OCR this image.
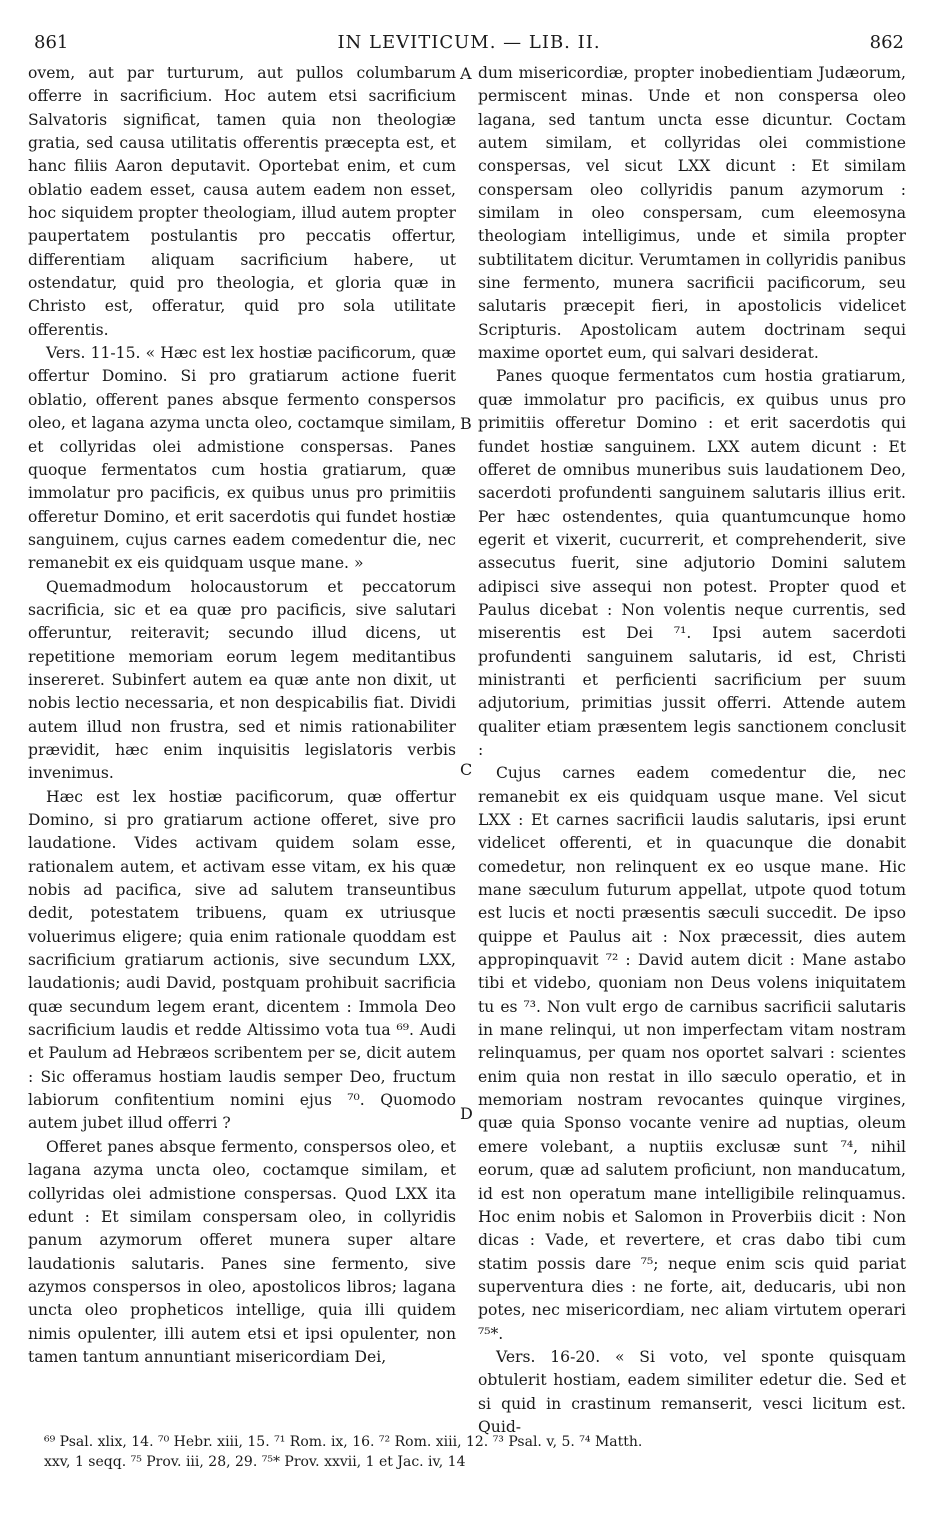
861	IN LEVITICUM. — LIB. II.	862

ovem, aut par turturum, aut pullos columbarum offerre in sacrificium. Hoc autem etsi sacrificium Salvatoris significat, tamen quia non theologiæ gratia, sed causa utilitatis offerentis præcepta est, et hanc filiis Aaron deputavit. Oportebat enim, et cum oblatio eadem esset, causa autem eadem non esset, hoc siquidem propter theologiam, illud autem propter paupertatem postulantis pro peccatis offertur, differentiam aliquam sacrificium habere, ut ostendatur, quid pro theologia, et gloria quæ in Christo est, offeratur, quid pro sola utilitate offerentis.

Vers. 11-15. « Hæc est lex hostiæ pacificorum, quæ offertur Domino. Si pro gratiarum actione fuerit oblatio, offerent panes absque fermento conspersos oleo, et lagana azyma uncta oleo, coctamque similam, et collyridas olei admistione conspersas. Panes quoque fermentatos cum hostia gratiarum, quæ immolatur pro pacificis, ex quibus unus pro primitiis offeretur Domino, et erit sacerdotis qui fundet hostiæ sanguinem, cujus carnes eadem comedentur die, nec remanebit ex eis quidquam usque mane. »

Quemadmodum holocaustorum et peccatorum sacrificia, sic et ea quæ pro pacificis, sive salutari offeruntur, reiteravit; secundo illud dicens, ut repetitione memoriam eorum legem meditantibus insereret. Subinfert autem ea quæ ante non dixit, ut nobis lectio necessaria, et non despicabilis fiat. Dividi autem illud non frustra, sed et nimis rationabiliter prævidit, hæc enim inquisitis legislatoris verbis invenimus.

Hæc est lex hostiæ pacificorum, quæ offertur Domino, si pro gratiarum actione offeret, sive pro laudatione. Vides activam quidem solam esse, rationalem autem, et activam esse vitam, ex his quæ nobis ad pacifica, sive ad salutem transeuntibus dedit, potestatem tribuens, quam ex utriusque voluerimus eligere; quia enim rationale quoddam est sacrificium gratiarum actionis, sive secundum LXX, laudationis; audi David, postquam prohibuit sacrificia quæ secundum legem erant, dicentem : Immola Deo sacrificium laudis et redde Altissimo vota tua ⁶⁹. Audi et Paulum ad Hebræos scribentem per se, dicit autem : Sic offeramus hostiam laudis semper Deo, fructum labiorum confitentium nomini ejus ⁷⁰. Quomodo autem jubet illud offerri ?

Offeret panes absque fermento, conspersos oleo, et lagana azyma uncta oleo, coctamque similam, et collyridas olei admistione conspersas. Quod LXX ita edunt : Et similam conspersam oleo, in collyridis panum azymorum offeret munera super altare laudationis salutaris. Panes sine fermento, sive azymos conspersos in oleo, apostolicos libros; lagana uncta oleo propheticos intellige, quia illi quidem nimis opulenter, illi autem etsi et ipsi opulenter, non tamen tantum annuntiant misericordiam Dei,

A
B
C
D

dum misericordiæ, propter inobedientiam Judæorum, permiscent minas. Unde et non conspersa oleo lagana, sed tantum uncta esse dicuntur. Coctam autem similam, et collyridas olei commistione conspersas, vel sicut LXX dicunt : Et similam conspersam oleo collyridis panum azymorum : similam in oleo conspersam, cum eleemosyna theologiam intelligimus, unde et simila propter subtilitatem dicitur. Verumtamen in collyridis panibus sine fermento, munera sacrificii pacificorum, seu salutaris præcepit fieri, in apostolicis videlicet Scripturis. Apostolicam autem doctrinam sequi maxime oportet eum, qui salvari desiderat.

Panes quoque fermentatos cum hostia gratiarum, quæ immolatur pro pacificis, ex quibus unus pro primitiis offeretur Domino : et erit sacerdotis qui fundet hostiæ sanguinem. LXX autem dicunt : Et offeret de omnibus muneribus suis laudationem Deo, sacerdoti profundenti sanguinem salutaris illius erit. Per hæc ostendentes, quia quantumcunque homo egerit et vixerit, cucurrerit, et comprehenderit, sive assecutus fuerit, sine adjutorio Domini salutem adipisci sive assequi non potest. Propter quod et Paulus dicebat : Non volentis neque currentis, sed miserentis est Dei ⁷¹. Ipsi autem sacerdoti profundenti sanguinem salutaris, id est, Christi ministranti et perficienti sacrificium per suum adjutorium, primitias jussit offerri. Attende autem qualiter etiam præsentem legis sanctionem conclusit :

Cujus carnes eadem comedentur die, nec remanebit ex eis quidquam usque mane. Vel sicut LXX : Et carnes sacrificii laudis salutaris, ipsi erunt videlicet offerenti, et in quacunque die donabit comedetur, non relinquent ex eo usque mane. Hic mane sæculum futurum appellat, utpote quod totum est lucis et nocti præsentis sæculi succedit. De ipso quippe et Paulus ait : Nox præcessit, dies autem appropinquavit ⁷² : David autem dicit : Mane astabo tibi et videbo, quoniam non Deus volens iniquitatem tu es ⁷³. Non vult ergo de carnibus sacrificii salutaris in mane relinqui, ut non imperfectam vitam nostram relinquamus, per quam nos oportet salvari : scientes enim quia non restat in illo sæculo operatio, et in memoriam nostram revocantes quinque virgines, quæ quia Sponso vocante venire ad nuptias, oleum emere volebant, a nuptiis exclusæ sunt ⁷⁴, nihil eorum, quæ ad salutem proficiunt, non manducatum, id est non operatum mane intelligibile relinquamus. Hoc enim nobis et Salomon in Proverbiis dicit : Non dicas : Vade, et revertere, et cras dabo tibi cum statim possis dare ⁷⁵; neque enim scis quid pariat superventura dies : ne forte, ait, deducaris, ubi non potes, nec misericordiam, nec aliam virtutem operari ⁷⁵*.

Vers. 16-20. « Si voto, vel sponte quisquam obtulerit hostiam, eadem similiter edetur die. Sed et si quid in crastinum remanserit, vesci licitum est. Quid-

⁶⁹ Psal. xlix, 14. ⁷⁰ Hebr. xiii, 15. ⁷¹ Rom. ix, 16. ⁷² Rom. xiii, 12. ⁷³ Psal. v, 5. ⁷⁴ Matth.
xxv, 1 seqq. ⁷⁵ Prov. iii, 28, 29. ⁷⁵* Prov. xxvii, 1 et Jac. iv, 14
